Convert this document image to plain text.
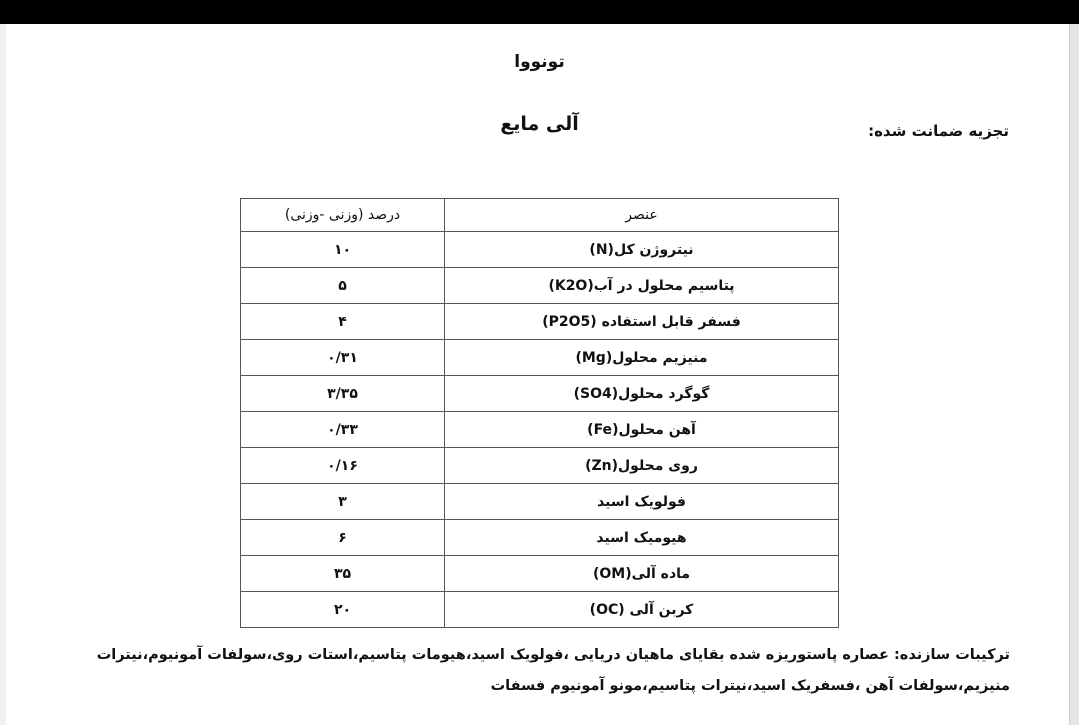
تونووا
آلی مایع	تجزیه ضمانت شده:
عنصر	درصد (وزنی -وزنی)
نیتروژن کل(N)	۱۰
پتاسیم محلول در آب(K2O)	۵
فسفر قابل استفاده (P2O5)	۴
منیزیم محلول(Mg)	۰/۳۱
گوگرد محلول(SO4)	۳/۳۵
آهن محلول(Fe)	۰/۳۳
روی محلول(Zn)	۰/۱۶
فولویک اسید	۳
هیومیک اسید	۶
ماده آلی(OM)	۳۵
کربن آلی (OC)	۲۰
ترکیبات سازنده: عصاره پاستوریزه شده بقایای ماهیان دریایی ،فولویک اسید،هیومات پتاسیم،استات روی،سولفات آمونیوم،نیترات
منیزیم،سولفات آهن ،فسفریک اسید،نیترات پتاسیم،مونو آمونیوم فسفات
